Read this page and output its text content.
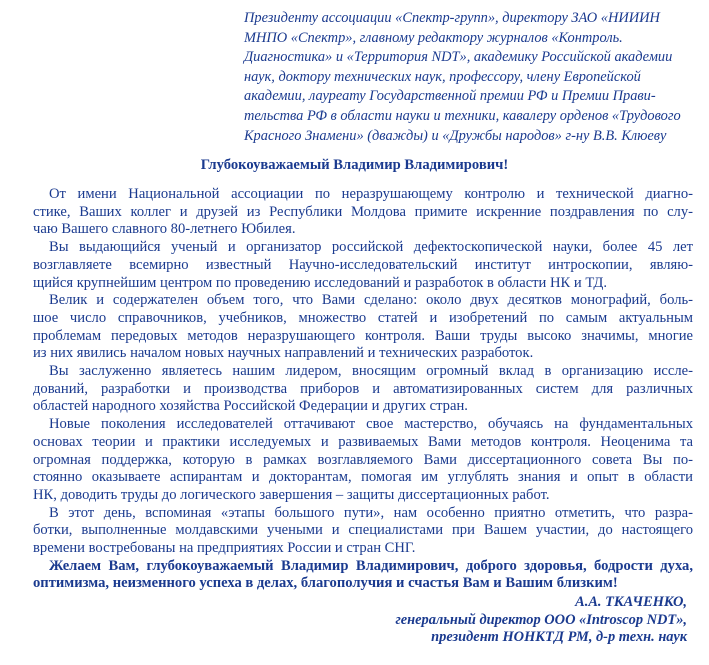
Президенту ассоциации «Спектр-групп», директору ЗАО «НИИИН
МНПО «Спектр», главному редактору журналов «Контроль.
Диагностика» и «Территория NDT», академику Российской академии
наук, доктору технических наук, профессору, члену Европейской
академии, лауреату Государственной премии РФ и Премии Прави-
тельства РФ в области науки и техники, кавалеру орденов «Трудового
Красного Знамени» (дважды) и «Дружбы народов» г-ну В.В. Клюеву
Глубокоуважаемый Владимир Владимирович!
От имени Национальной ассоциации по неразрушающему контролю и технической диагно-
стике, Ваших коллег и друзей из Республики Молдова примите искренние поздравления по слу-
чаю Вашего славного 80-летнего Юбилея.
Вы выдающийся ученый и организатор российской дефектоскопической науки, более 45 лет
возглавляете всемирно известный Научно-исследовательский институт интроскопии, являю-
щийся крупнейшим центром по проведению исследований и разработок в области НК и ТД.
Велик и содержателен объем того, что Вами сделано: около двух десятков монографий, боль-
шое число справочников, учебников, множество статей и изобретений по самым актуальным
проблемам передовых методов неразрушающего контроля. Ваши труды высоко значимы, многие
из них явились началом новых научных направлений и технических разработок.
Вы заслуженно являетесь нашим лидером, вносящим огромный вклад в организацию иссле-
дований, разработки и производства приборов и автоматизированных систем для различных
областей народного хозяйства Российской Федерации и других стран.
Новые поколения исследователей оттачивают свое мастерство, обучаясь на фундаментальных
основах теории и практики исследуемых и развиваемых Вами методов контроля. Неоценима та
огромная поддержка, которую в рамках возглавляемого Вами диссертационного совета Вы по-
стоянно оказываете аспирантам и докторантам, помогая им углублять знания и опыт в области
НК, доводить труды до логического завершения – защиты диссертационных работ.
В этот день, вспоминая «этапы большого пути», нам особенно приятно отметить, что разра-
ботки, выполненные молдавскими учеными и специалистами при Вашем участии, до настоящего
времени востребованы на предприятиях России и стран СНГ.
Желаем Вам, глубокоуважаемый Владимир Владимирович, доброго здоровья, бодрости духа,
оптимизма, неизменного успеха в делах, благополучия и счастья Вам и Вашим близким!
А.А. ТКАЧЕНКО,
генеральный директор ООО «Introscop NDT»,
президент НОНКТД РМ, д-р техн. наук
